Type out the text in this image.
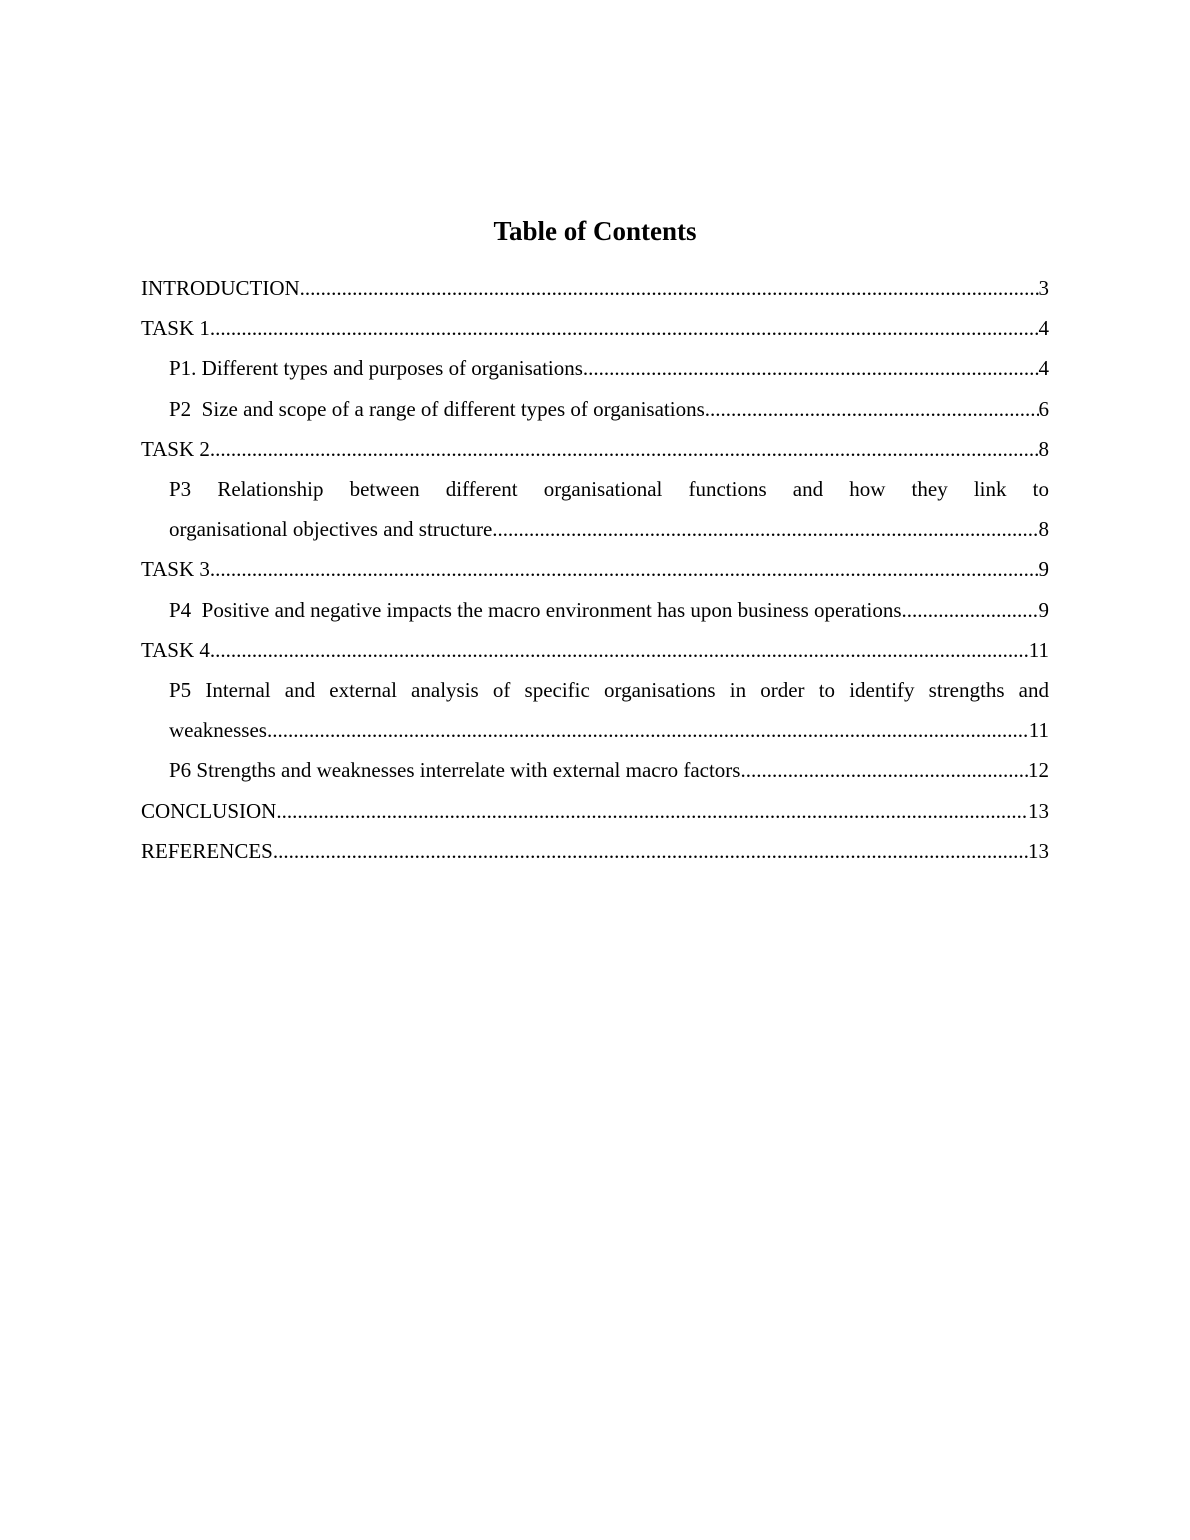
Table of Contents
INTRODUCTION .....	3
TASK 1 .....	4
P1. Different types and purposes of organisations .....	4
P2  Size and scope of a range of different types of organisations .....	6
TASK 2 .....	8
P3 Relationship between different organisational functions and how they link to
organisational objectives and structure .....	8
TASK 3 .....	9
P4  Positive and negative impacts the macro environment has upon business operations. .....	9
TASK 4 .....	11
P5 Internal and external analysis of specific organisations in order to identify strengths and
weaknesses .....	11
P6 Strengths and weaknesses interrelate with external macro factors .....	12
CONCLUSION .....	13
REFERENCES .....	13
